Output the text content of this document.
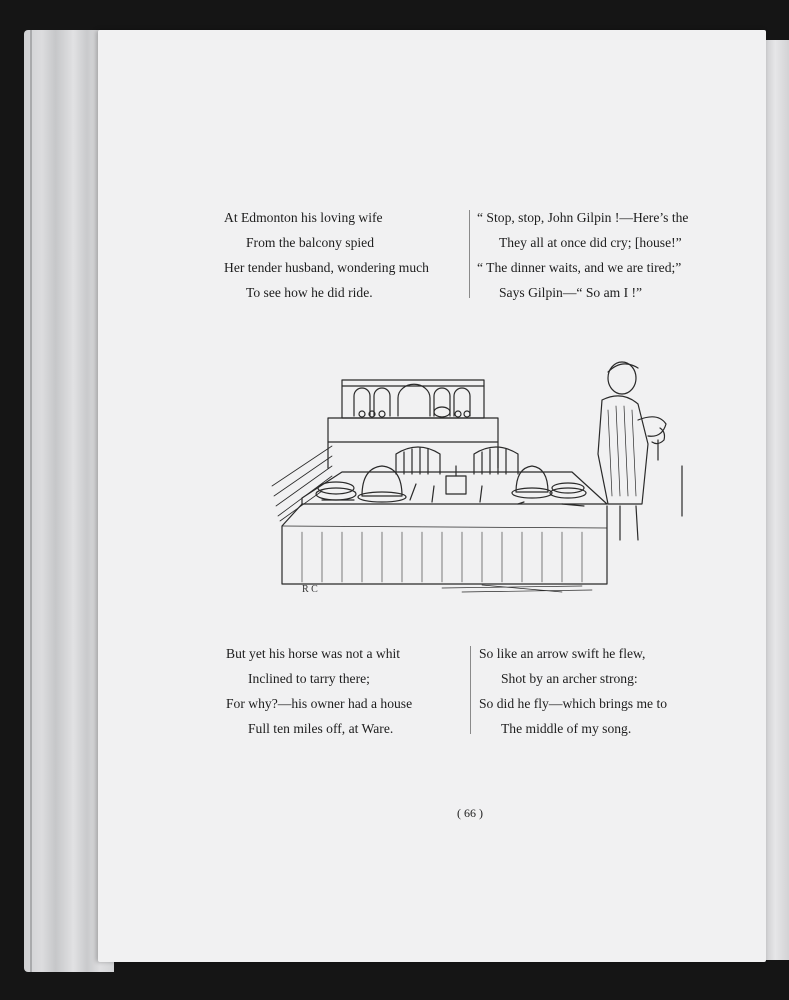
At Edmonton his loving wife
From the balcony spied
Her tender husband, wondering much
To see how he did ride.
“ Stop, stop, John Gilpin !—Here’s the
They all at once did cry; [house!”
“ The dinner waits, and we are tired;”
Says Gilpin—“ So am I !”
R C
But yet his horse was not a whit
Inclined to tarry there;
For why?—his owner had a house
Full ten miles off, at Ware.
So like an arrow swift he flew,
Shot by an archer strong:
So did he fly—which brings me to
The middle of my song.
( 66 )
